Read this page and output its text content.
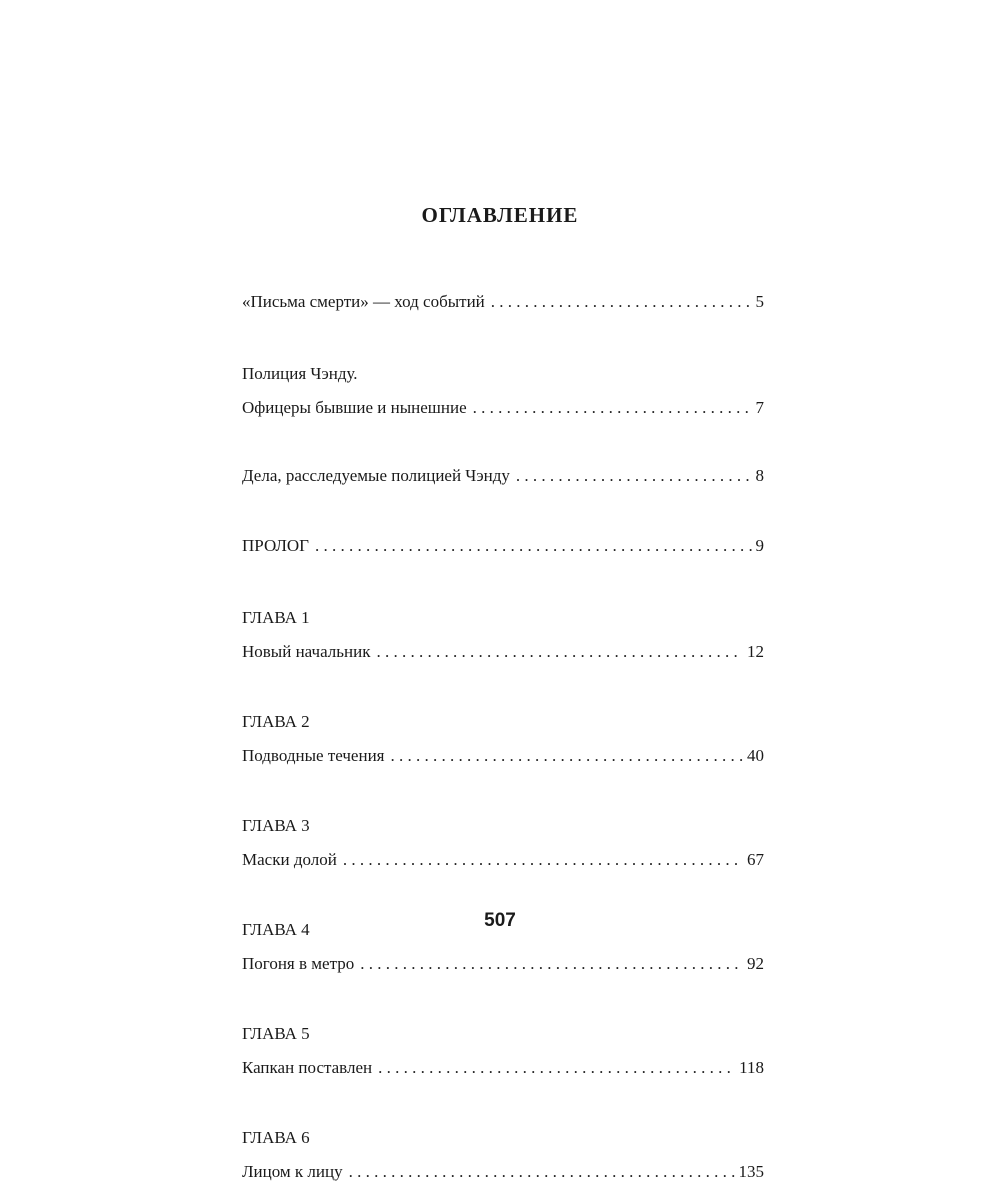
ОГЛАВЛЕНИЕ
«Письма смерти» — ход событий . . .	5
Полиция Чэнду.
Офицеры бывшие и нынешние . . .	7
Дела, расследуемые полицией Чэнду . . .	8
ПРОЛОГ . . .	9
ГЛАВА 1
Новый начальник . . .	12
ГЛАВА 2
Подводные течения . . .	40
ГЛАВА 3
Маски долой . . .	67
ГЛАВА 4
Погоня в метро . . .	92
ГЛАВА 5
Капкан поставлен . . .	118
ГЛАВА 6
Лицом к лицу . . .	135
507
